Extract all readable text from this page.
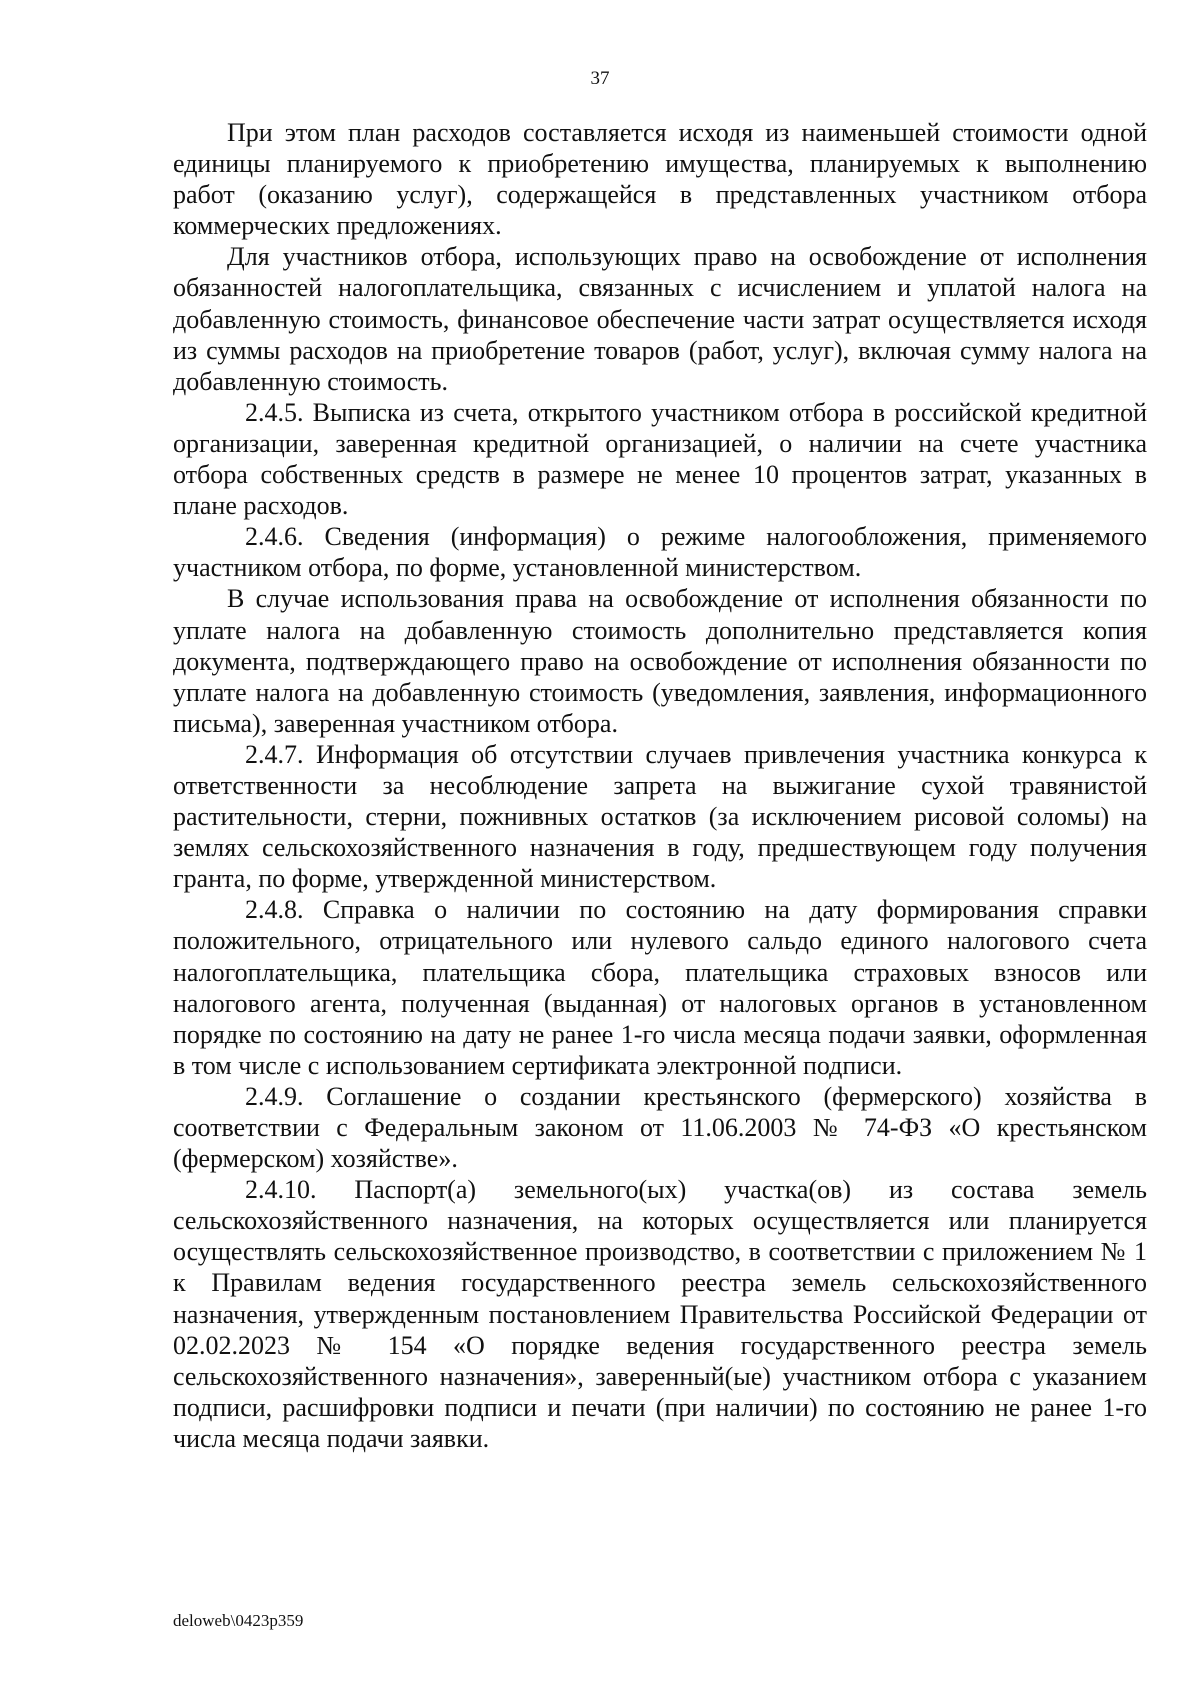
37

При этом план расходов составляется исходя из наименьшей стоимости одной единицы планируемого к приобретению имущества, планируемых к выполнению работ (оказанию услуг), содержащейся в представленных участником отбора коммерческих предложениях.

Для участников отбора, использующих право на освобождение от исполнения обязанностей налогоплательщика, связанных с исчислением и уплатой налога на добавленную стоимость, финансовое обеспечение части затрат осуществляется исходя из суммы расходов на приобретение товаров (работ, услуг), включая сумму налога на добавленную стоимость.

2.4.5. Выписка из счета, открытого участником отбора в российской кредитной организации, заверенная кредитной организацией, о наличии на счете участника отбора собственных средств в размере не менее 10 процентов затрат, указанных в плане расходов.

2.4.6. Сведения (информация) о режиме налогообложения, применяемого участником отбора, по форме, установленной министерством.

В случае использования права на освобождение от исполнения обязанности по уплате налога на добавленную стоимость дополнительно представляется копия документа, подтверждающего право на освобождение от исполнения обязанности по уплате налога на добавленную стоимость (уведомления, заявления, информационного письма), заверенная участником отбора.

2.4.7. Информация об отсутствии случаев привлечения участника конкурса к ответственности за несоблюдение запрета на выжигание сухой травянистой растительности, стерни, пожнивных остатков (за исключением рисовой соломы) на землях сельскохозяйственного назначения в году, предшествующем году получения гранта, по форме, утвержденной министерством.

2.4.8. Справка о наличии по состоянию на дату формирования справки положительного, отрицательного или нулевого сальдо единого налогового счета налогоплательщика, плательщика сбора, плательщика страховых взносов или налогового агента, полученная (выданная) от налоговых органов в установленном порядке по состоянию на дату не ранее 1-го числа месяца подачи заявки, оформленная в том числе с использованием сертификата электронной подписи.

2.4.9. Соглашение о создании крестьянского (фермерского) хозяйства в соответствии с Федеральным законом от 11.06.2003 № 74-ФЗ «О крестьянском (фермерском) хозяйстве».

2.4.10. Паспорт(а) земельного(ых) участка(ов) из состава земель сельскохозяйственного назначения, на которых осуществляется или планируется осуществлять сельскохозяйственное производство, в соответствии с приложением № 1 к Правилам ведения государственного реестра земель сельскохозяйственного назначения, утвержденным постановлением Правительства Российской Федерации от 02.02.2023 № 154 «О порядке ведения государственного реестра земель сельскохозяйственного назначения», заверенный(ые) участником отбора с указанием подписи, расшифровки подписи и печати (при наличии) по состоянию не ранее 1-го числа месяца подачи заявки.

deloweb\0423p359
